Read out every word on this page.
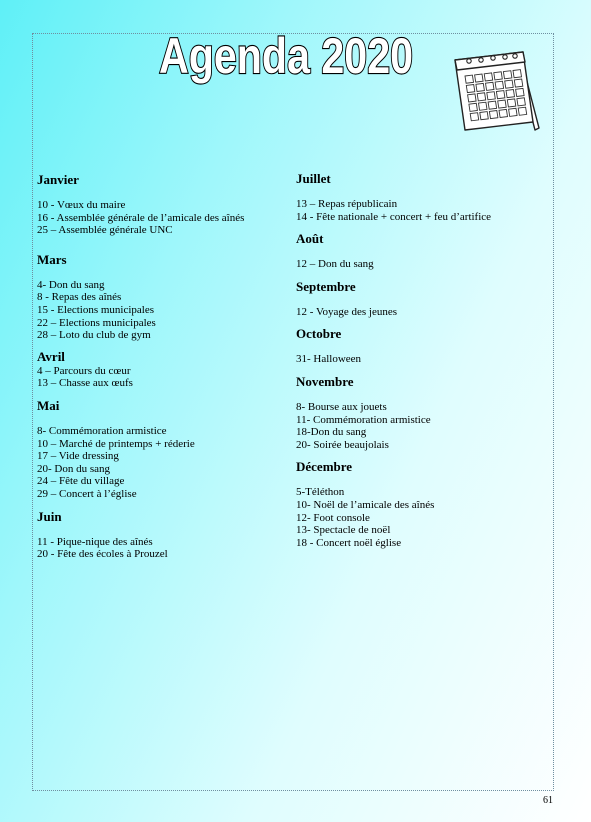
Agenda 2020
Janvier
10 - Vœux du maire
16 - Assemblée générale de l’amicale des aînés
25 – Assemblée générale UNC
Mars
4- Don du sang
8 - Repas des aînés
15 - Elections municipales
22 – Elections municipales
28 – Loto du club de gym
Avril
4 – Parcours du cœur
13 – Chasse aux œufs
Mai
8- Commémoration armistice
10 – Marché de printemps + réderie
17 – Vide dressing
20- Don du sang
24 – Fête du village
29 – Concert à l’église
Juin
11 - Pique-nique des aînés
20 - Fête des écoles à Prouzel
Juillet
13 – Repas républicain
14 - Fête nationale + concert + feu d’artifice
Août
12 – Don du sang
Septembre
12 - Voyage des jeunes
Octobre
31- Halloween
Novembre
8- Bourse aux jouets
11- Commémoration armistice
18-Don du sang
20- Soirée beaujolais
Décembre
5-Téléthon
10- Noël de l’amicale des aînés
12- Foot console
13- Spectacle de noël
18 - Concert noël église
61
